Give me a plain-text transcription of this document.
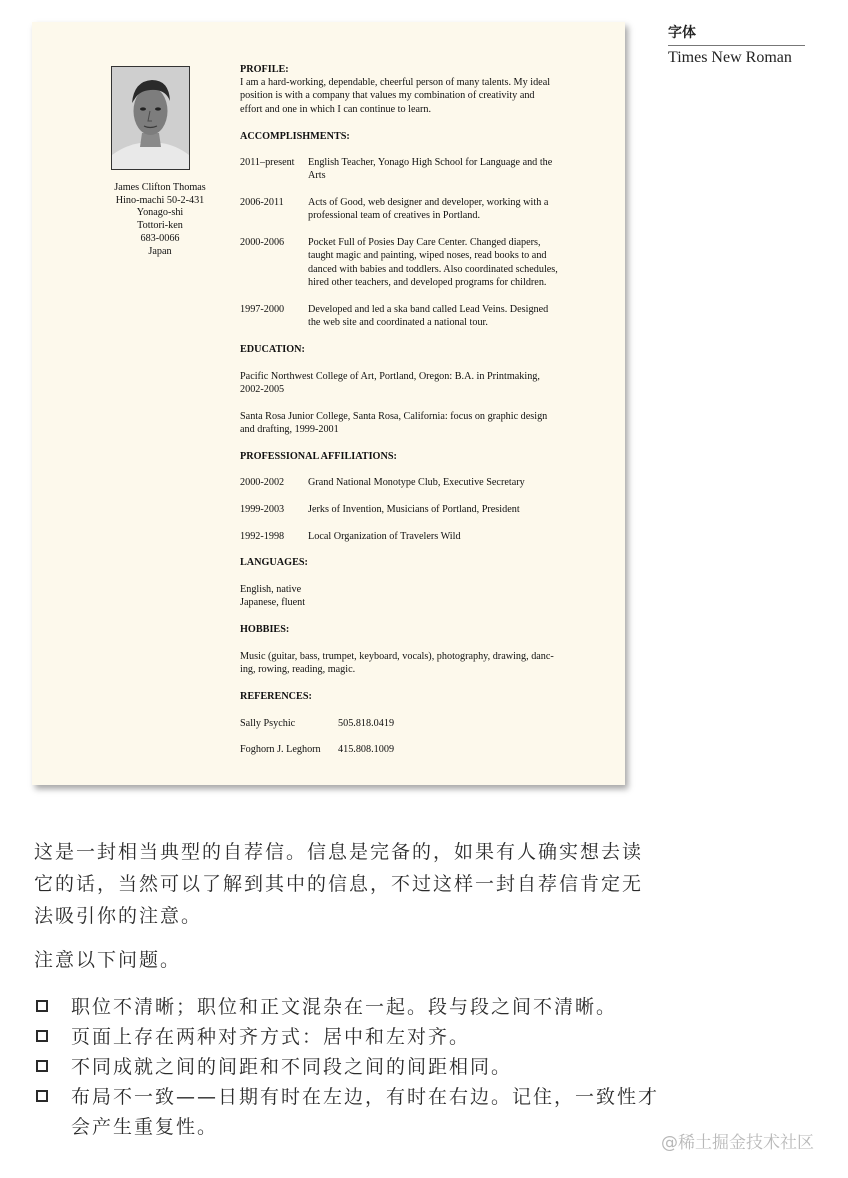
James Clifton Thomas
Hino-machi 50-2-431
Yonago-shi
Tottori-ken
683-0066
Japan
PROFILE:
I am a hard-working, dependable, cheerful person of many talents. My ideal
position is with a company that values my combination of creativity and
effort and one in which I can continue to learn.
ACCOMPLISHMENTS:
2011–present English Teacher, Yonago High School for Language and the
Arts
2006-2011 Acts of Good, web designer and developer, working with a
professional team of creatives in Portland.
2000-2006 Pocket Full of Posies Day Care Center. Changed diapers,
taught magic and painting, wiped noses, read books to and
danced with babies and toddlers. Also coordinated schedules,
hired other teachers, and developed programs for children.
1997-2000 Developed and led a ska band called Lead Veins. Designed
the web site and coordinated a national tour.
EDUCATION:
Pacific Northwest College of Art, Portland, Oregon: B.A. in Printmaking,
2002-2005
Santa Rosa Junior College, Santa Rosa, California: focus on graphic design
and drafting, 1999-2001
PROFESSIONAL AFFILIATIONS:
2000-2002 Grand National Monotype Club, Executive Secretary
1999-2003 Jerks of Invention, Musicians of Portland, President
1992-1998 Local Organization of Travelers Wild
LANGUAGES:
English, native
Japanese, fluent
HOBBIES:
Music (guitar, bass, trumpet, keyboard, vocals), photography, drawing, danc-
ing, rowing, reading, magic.
REFERENCES:
Sally Psychic	505.818.0419
Foghorn J. Leghorn 415.808.1009
字体
Times New Roman

这是一封相当典型的自荐信。信息是完备的，如果有人确实想去读
它的话，当然可以了解到其中的信息，不过这样一封自荐信肯定无
法吸引你的注意。

注意以下问题。

职位不清晰；职位和正文混杂在一起。段与段之间不清晰。
页面上存在两种对齐方式：居中和左对齐。
不同成就之间的间距和不同段之间的间距相同。
布局不一致——日期有时在左边，有时在右边。记住，一致性才
会产生重复性。
@稀土掘金技术社区
